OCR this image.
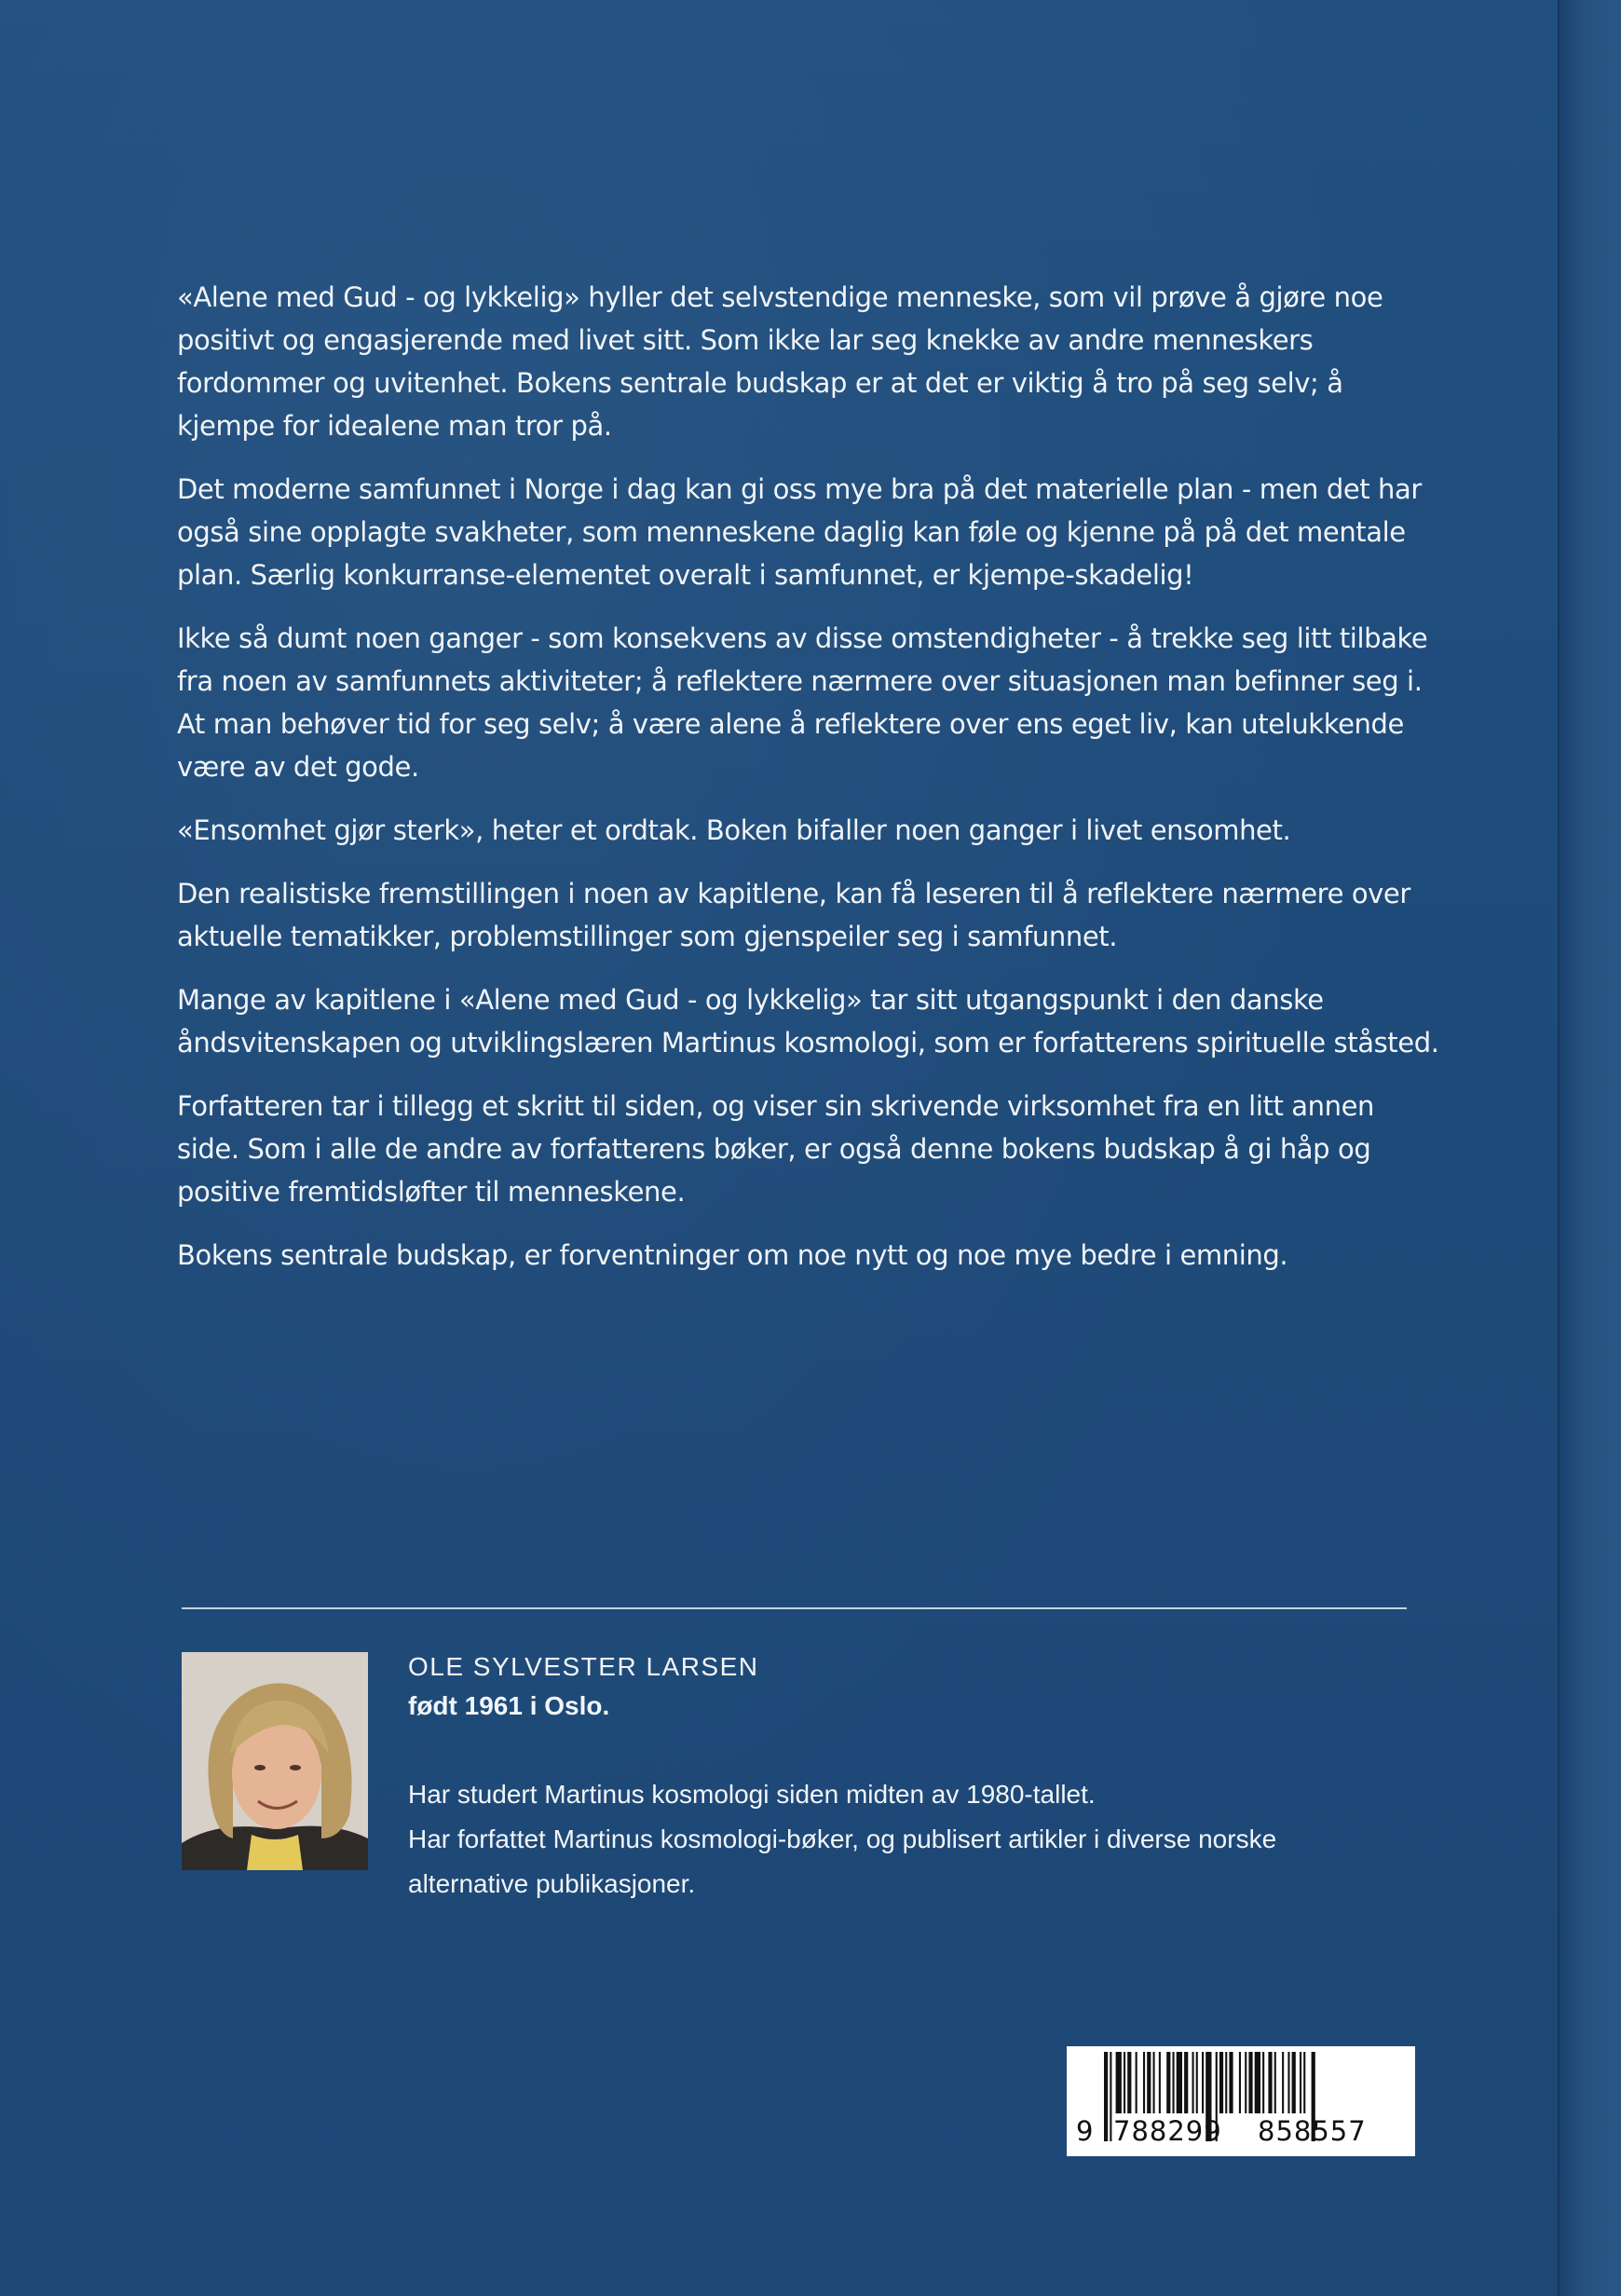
«Alene med Gud - og lykkelig» hyller det selvstendige menneske, som vil prøve å gjøre noe positivt og engasjerende med livet sitt. Som ikke lar seg knekke av andre menneskers fordommer og uvitenhet. Bokens sentrale budskap er at det er viktig å tro på seg selv; å kjempe for idealene man tror på.

Det moderne samfunnet i Norge i dag kan gi oss mye bra på det materielle plan - men det har også sine opplagte svakheter, som menneskene daglig kan føle og kjenne på på det mentale plan. Særlig konkurranse-elementet overalt i samfunnet, er kjempe-skadelig!

Ikke så dumt noen ganger - som konsekvens av disse omstendigheter - å trekke seg litt tilbake fra noen av samfunnets aktiviteter; å reflektere nærmere over situasjonen man befinner seg i. At man behøver tid for seg selv; å være alene å reflektere over ens eget liv, kan utelukkende være av det gode.

«Ensomhet gjør sterk», heter et ordtak. Boken bifaller noen ganger i livet ensomhet.

Den realistiske fremstillingen i noen av kapitlene, kan få leseren til å reflektere nærmere over aktuelle tematikker, problemstillinger som gjenspeiler seg i samfunnet.

Mange av kapitlene i «Alene med Gud - og lykkelig» tar sitt utgangspunkt i den danske åndsvitenskapen og utviklingslæren Martinus kosmologi, som er forfatterens spirituelle ståsted.

Forfatteren tar i tillegg et skritt til siden, og viser sin skrivende virksomhet fra en litt annen side. Som i alle de andre av forfatterens bøker, er også denne bokens budskap å gi håp og positive fremtidsløfter til menneskene.

Bokens sentrale budskap, er forventninger om noe nytt og noe mye bedre i emning.

OLE SYLVESTER LARSEN
født 1961 i Oslo.
Har studert Martinus kosmologi siden midten av 1980-tallet.
Har forfattet Martinus kosmologi-bøker, og publisert artikler i diverse norske
alternative publikasjoner.
9 788299 858557
